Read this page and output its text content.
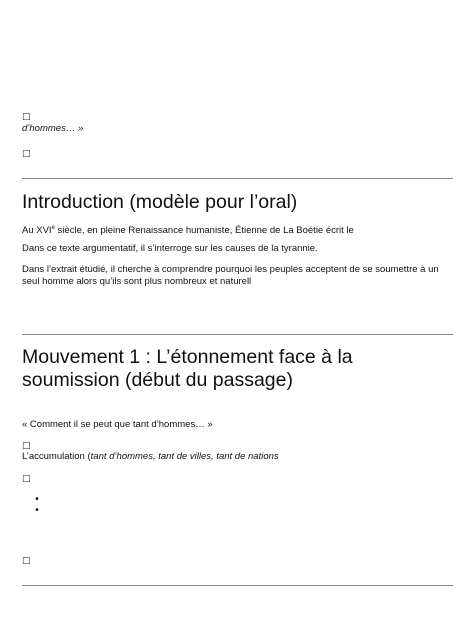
□
d’hommes… »
□
Introduction (modèle pour l’oral)
Au XVIe siècle, en pleine Renaissance humaniste, Étienne de La Boétie écrit le
Dans ce texte argumentatif, il s’interroge sur les causes de la tyrannie.
Dans l’extrait étudié, il cherche à comprendre pourquoi les peuples acceptent de se soumettre à un seul homme alors qu’ils sont plus nombreux et naturell
Mouvement 1 : L’étonnement face à la
soumission (début du passage)
« Comment il se peut que tant d’hommes… »
□
L’accumulation (tant d’hommes, tant de villes, tant de nations
□
•
•
□
